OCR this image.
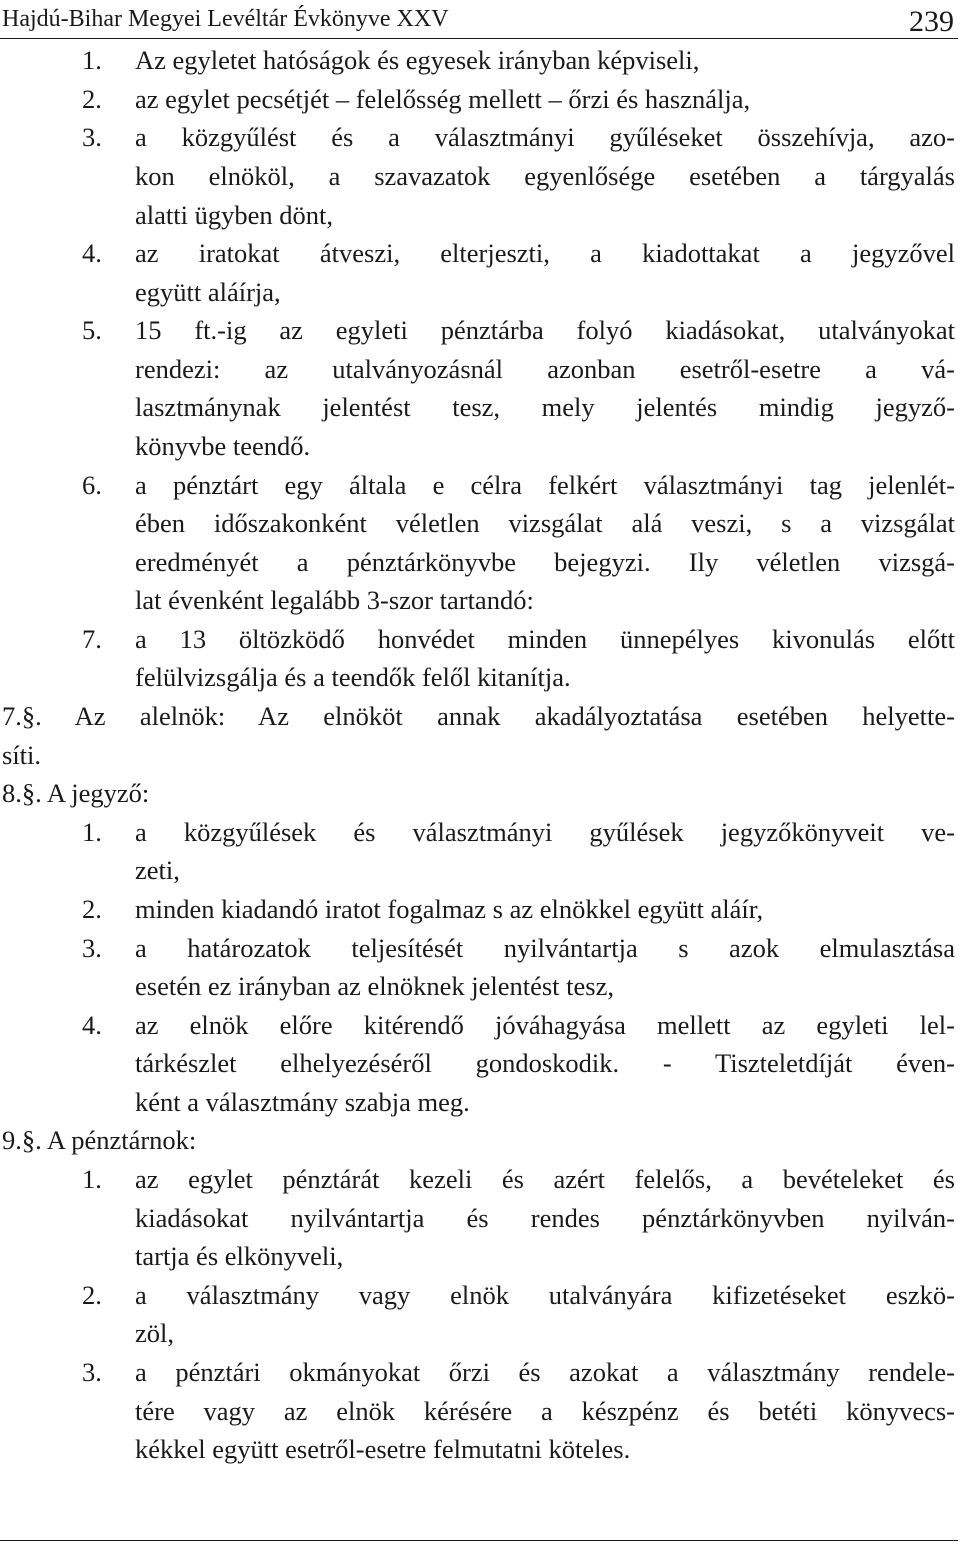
Hajdú-Bihar Megyei Levéltár Évkönyve XXV	239
1. Az egyletet hatóságok és egyesek irányban képviseli,
2. az egylet pecsétjét – felelősség mellett – őrzi és használja,
3. a közgyűlést és a választmányi gyűléseket összehívja, azo-
kon elnököl, a szavazatok egyenlősége esetében a tárgyalás
alatti ügyben dönt,
4. az iratokat átveszi, elterjeszti, a kiadottakat a jegyzővel
együtt aláírja,
5. 15 ft.-ig az egyleti pénztárba folyó kiadásokat, utalványokat
rendezi: az utalványozásnál azonban esetről-esetre a vá-
lasztmánynak jelentést tesz, mely jelentés mindig jegyző-
könyvbe teendő.
6. a pénztárt egy általa e célra felkért választmányi tag jelenlét-
ében időszakonként véletlen vizsgálat alá veszi, s a vizsgálat
eredményét a pénztárkönyvbe bejegyzi. Ily véletlen vizsgá-
lat évenként legalább 3-szor tartandó:
7. a 13 öltözködő honvédet minden ünnepélyes kivonulás előtt
felülvizsgálja és a teendők felől kitanítja.
7.§. Az alelnök: Az elnököt annak akadályoztatása esetében helyette-
síti.
8.§. A jegyző:
1. a közgyűlések és választmányi gyűlések jegyzőkönyveit ve-
zeti,
2. minden kiadandó iratot fogalmaz s az elnökkel együtt aláír,
3. a határozatok teljesítését nyilvántartja s azok elmulasztása
esetén ez irányban az elnöknek jelentést tesz,
4. az elnök előre kitérendő jóváhagyása mellett az egyleti lel-
tárkészlet elhelyezéséről gondoskodik. - Tiszteletdíját éven-
ként a választmány szabja meg.
9.§. A pénztárnok:
1. az egylet pénztárát kezeli és azért felelős, a bevételeket és
kiadásokat nyilvántartja és rendes pénztárkönyvben nyilván-
tartja és elkönyveli,
2. a választmány vagy elnök utalványára kifizetéseket eszkö-
zöl,
3. a pénztári okmányokat őrzi és azokat a választmány rendele-
tére vagy az elnök kérésére a készpénz és betéti könyvecs-
kékkel együtt esetről-esetre felmutatni köteles.
